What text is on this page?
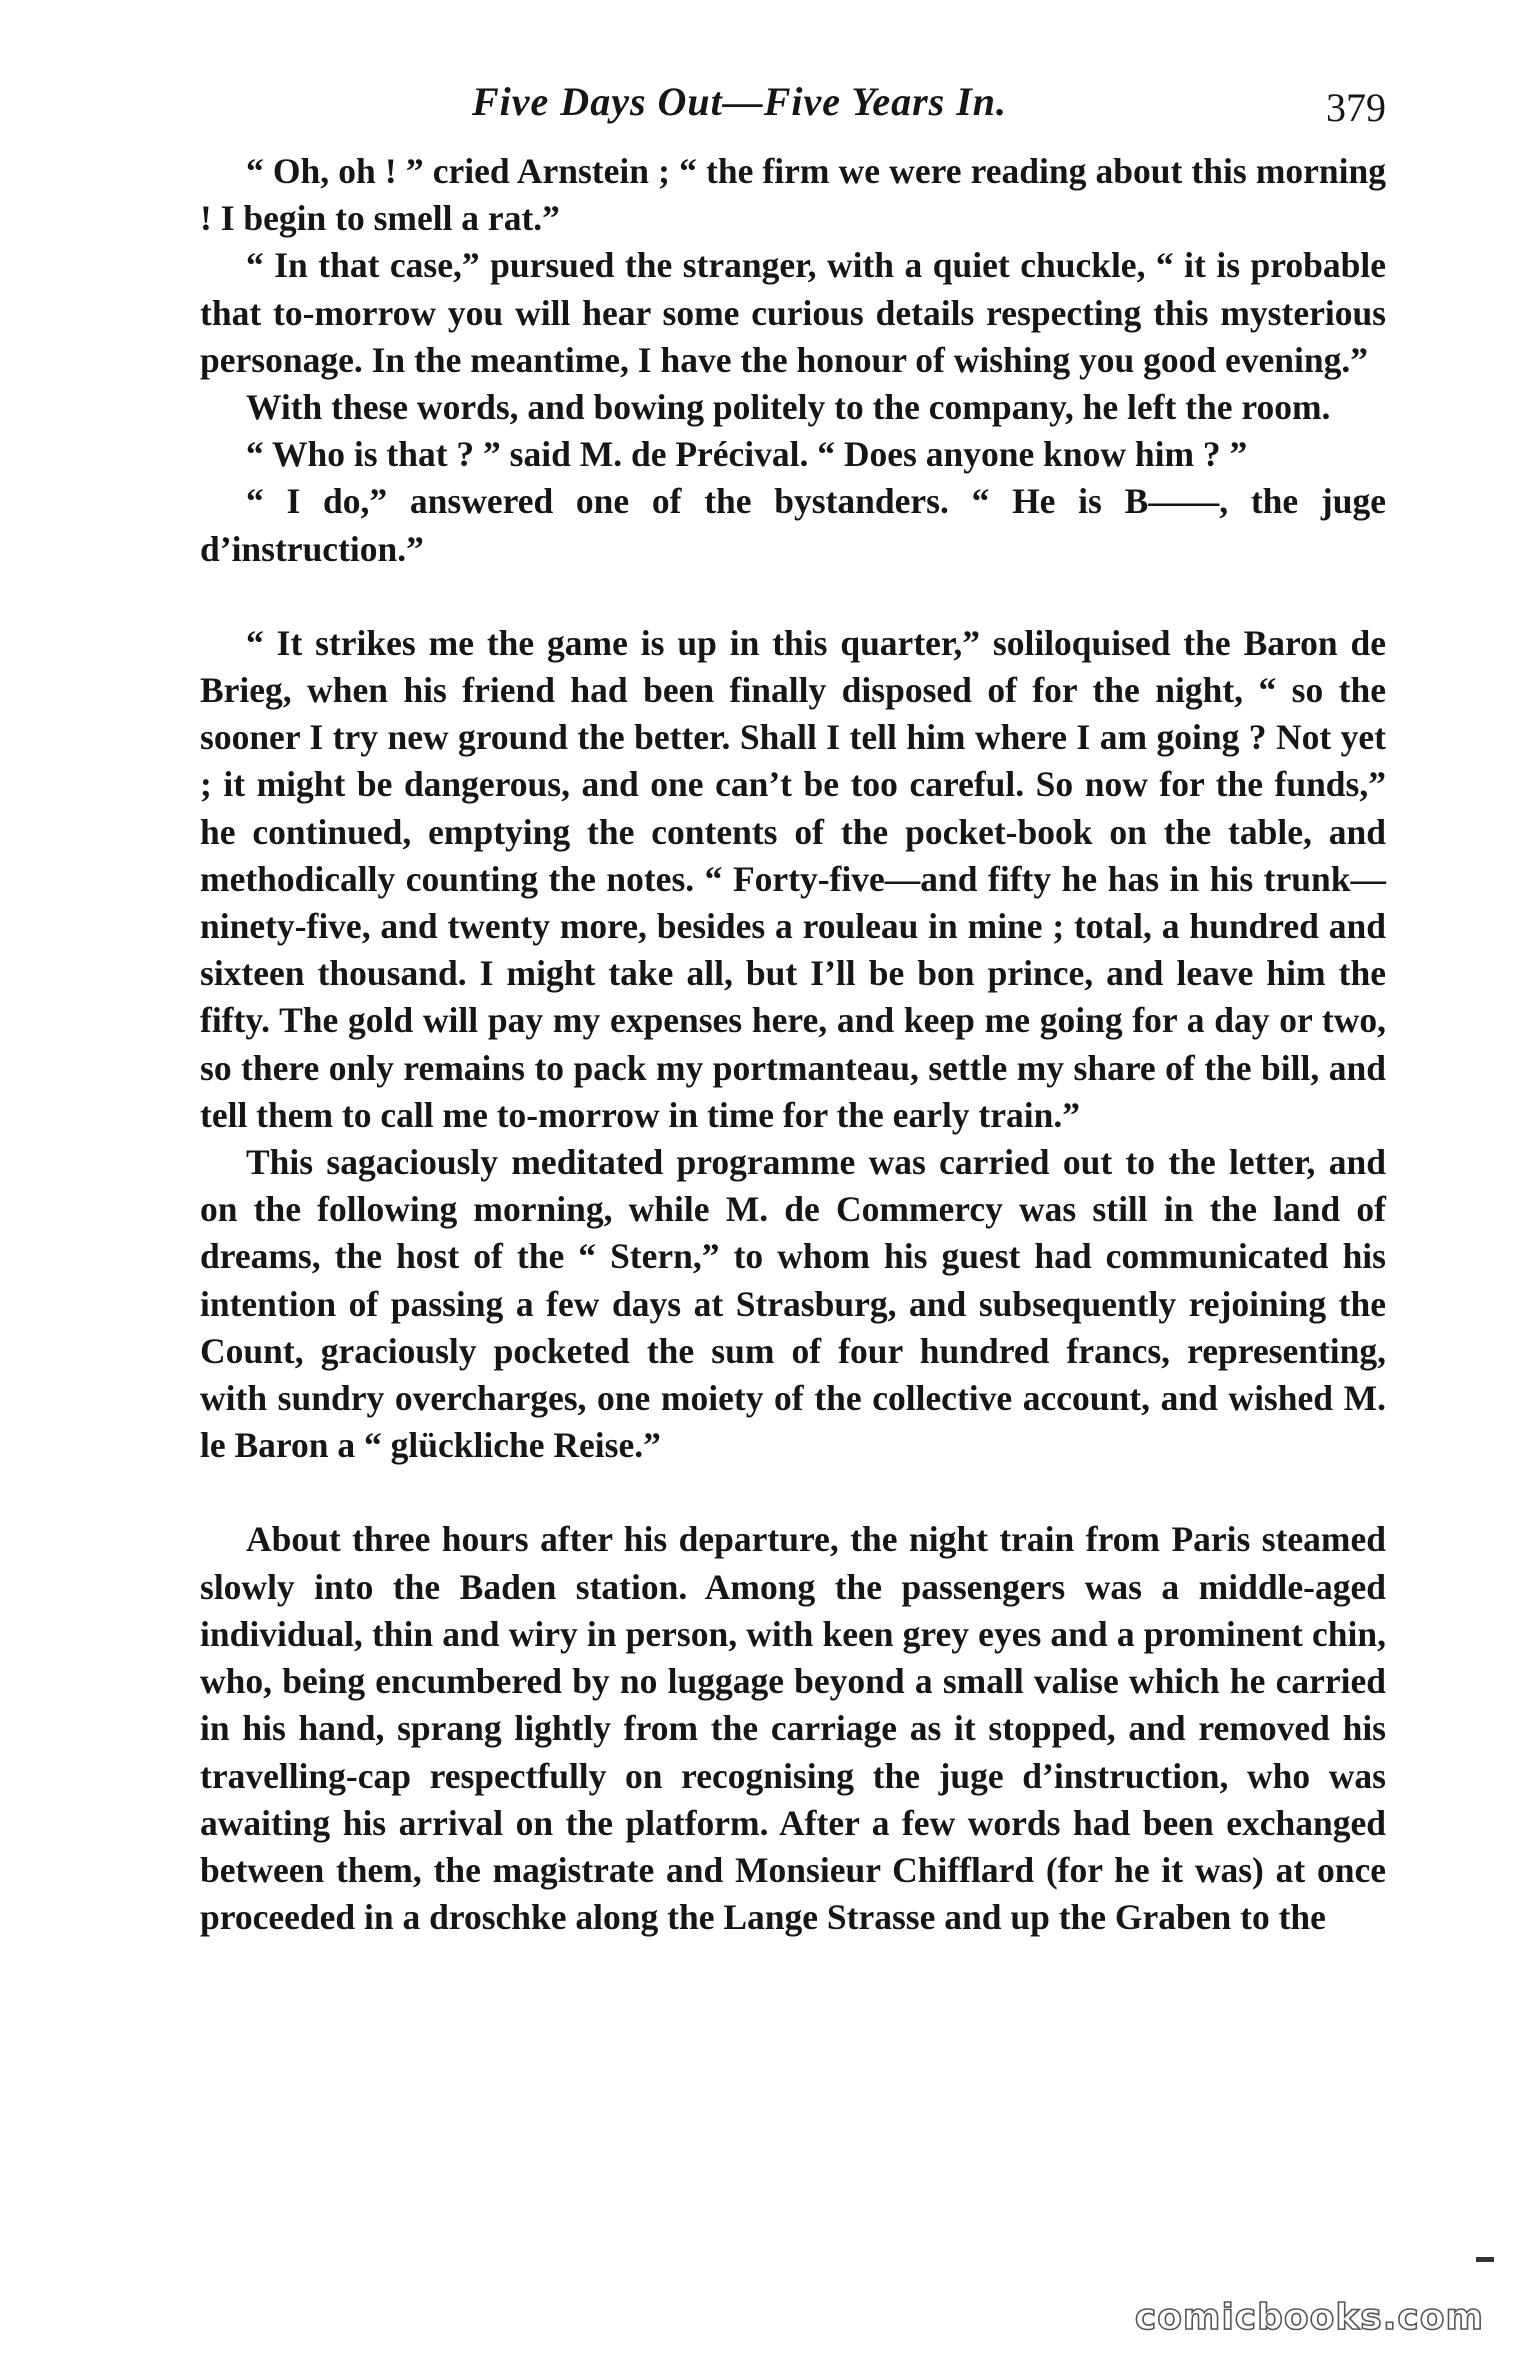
Five Days Out—Five Years In.	379

“ Oh, oh ! ” cried Arnstein ; “ the firm we were reading about this morning ! I begin to smell a rat.”

“ In that case,” pursued the stranger, with a quiet chuckle, “ it is probable that to-morrow you will hear some curious details respecting this mysterious personage. In the meantime, I have the honour of wishing you good evening.”

With these words, and bowing politely to the company, he left the room.

“ Who is that ? ” said M. de Précival. “ Does anyone know him ? ”

“ I do,” answered one of the bystanders. “ He is B——, the juge d’instruction.”

“ It strikes me the game is up in this quarter,” soliloquised the Baron de Brieg, when his friend had been finally disposed of for the night, “ so the sooner I try new ground the better. Shall I tell him where I am going ? Not yet ; it might be dangerous, and one can’t be too careful. So now for the funds,” he continued, emptying the contents of the pocket-book on the table, and methodically counting the notes. “ Forty-five—and fifty he has in his trunk—ninety-five, and twenty more, besides a rouleau in mine ; total, a hundred and sixteen thousand. I might take all, but I’ll be bon prince, and leave him the fifty. The gold will pay my expenses here, and keep me going for a day or two, so there only remains to pack my portmanteau, settle my share of the bill, and tell them to call me to-morrow in time for the early train.”

This sagaciously meditated programme was carried out to the letter, and on the following morning, while M. de Commercy was still in the land of dreams, the host of the “ Stern,” to whom his guest had communicated his intention of passing a few days at Strasburg, and subsequently rejoining the Count, graciously pocketed the sum of four hundred francs, representing, with sundry overcharges, one moiety of the collective account, and wished M. le Baron a “ glückliche Reise.”

About three hours after his departure, the night train from Paris steamed slowly into the Baden station. Among the passengers was a middle-aged individual, thin and wiry in person, with keen grey eyes and a prominent chin, who, being encumbered by no luggage beyond a small valise which he carried in his hand, sprang lightly from the carriage as it stopped, and removed his travelling-cap respectfully on recognising the juge d’instruction, who was awaiting his arrival on the platform. After a few words had been exchanged between them, the magistrate and Monsieur Chifflard (for he it was) at once proceeded in a droschke along the Lange Strasse and up the Graben to the

comicbooks.com
